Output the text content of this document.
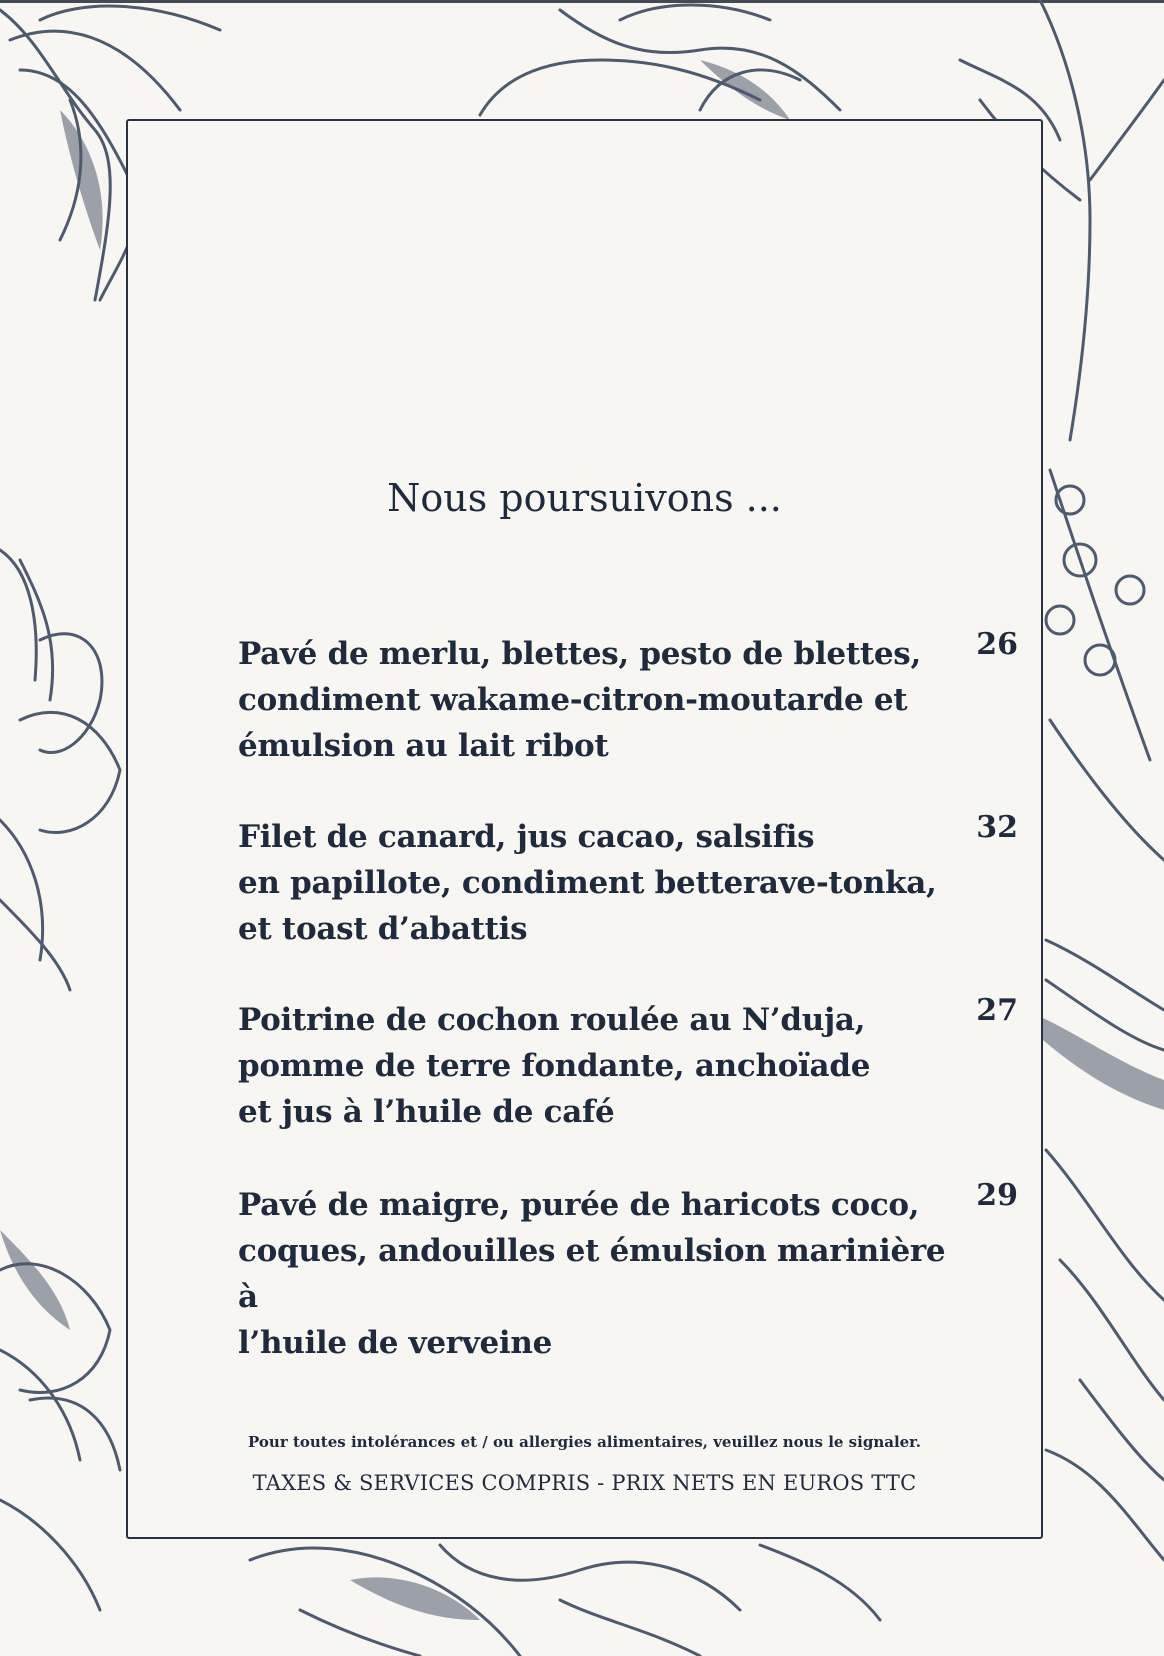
Nous poursuivons ...
Pavé de merlu, blettes, pesto de blettes,
condiment wakame-citron-moutarde et
émulsion au lait ribot
26
Filet de canard, jus cacao, salsifis
en papillote, condiment betterave-tonka,
et toast d’abattis
32
Poitrine de cochon roulée au N’duja,
pomme de terre fondante, anchoïade
et jus à l’huile de café
27
Pavé de maigre, purée de haricots coco,
coques, andouilles et émulsion marinière à
l’huile de verveine
29
Pour toutes intolérances et / ou allergies alimentaires, veuillez nous le signaler.
TAXES & SERVICES COMPRIS - PRIX NETS EN EUROS TTC
